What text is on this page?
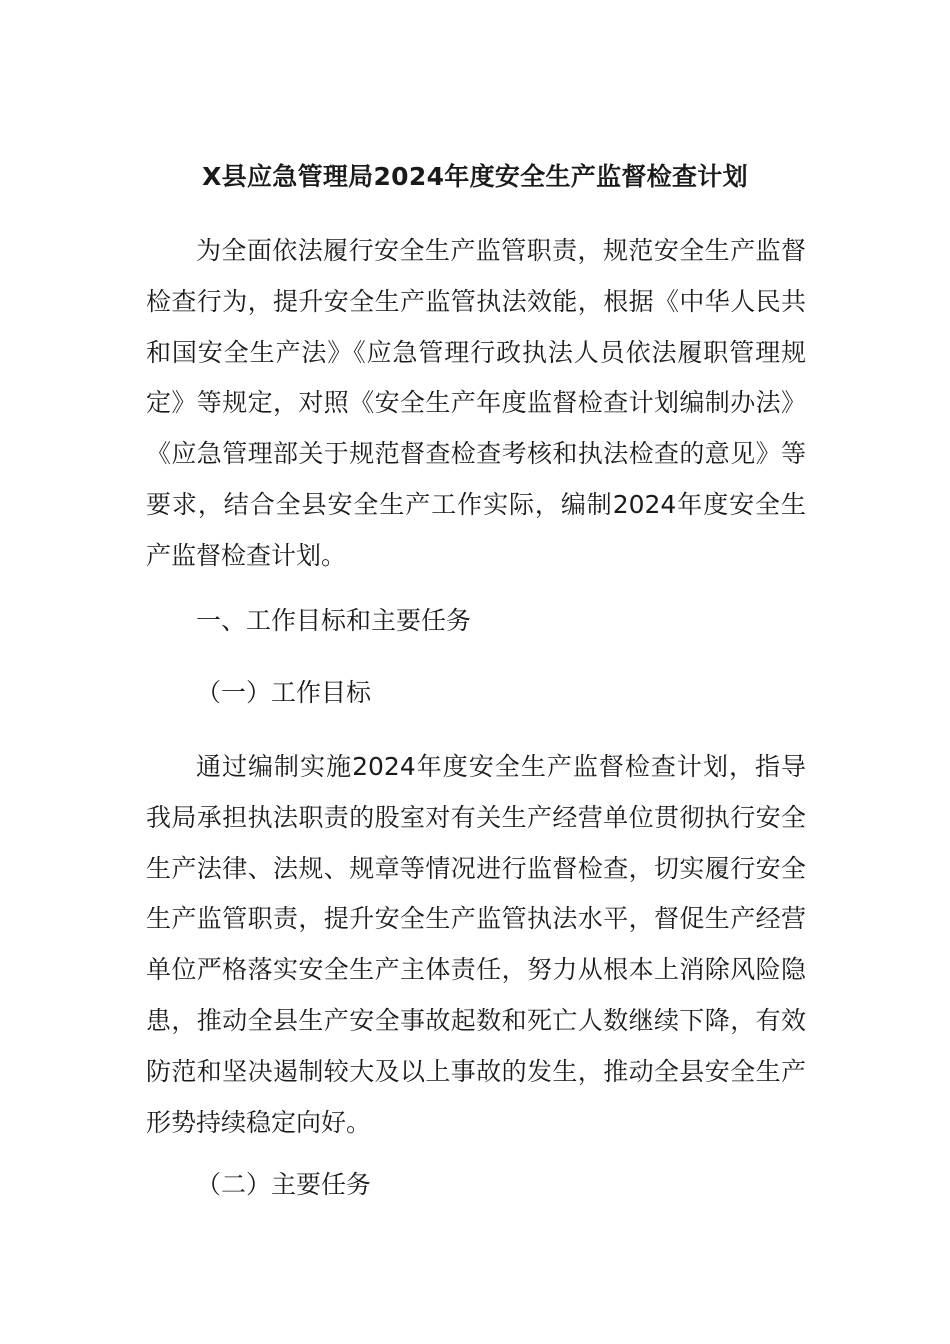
X县应急管理局2024年度安全生产监督检查计划

为全面依法履行安全生产监管职责，规范安全生产监督检查行为，提升安全生产监管执法效能，根据《中华人民共和国安全生产法》《应急管理行政执法人员依法履职管理规定》等规定，对照《安全生产年度监督检查计划编制办法》《应急管理部关于规范督查检查考核和执法检查的意见》等要求，结合全县安全生产工作实际，编制2024年度安全生产监督检查计划。

一、工作目标和主要任务

（一）工作目标

通过编制实施2024年度安全生产监督检查计划，指导我局承担执法职责的股室对有关生产经营单位贯彻执行安全生产法律、法规、规章等情况进行监督检查，切实履行安全生产监管职责，提升安全生产监管执法水平，督促生产经营单位严格落实安全生产主体责任，努力从根本上消除风险隐患，推动全县生产安全事故起数和死亡人数继续下降，有效防范和坚决遏制较大及以上事故的发生，推动全县安全生产形势持续稳定向好。

（二）主要任务
